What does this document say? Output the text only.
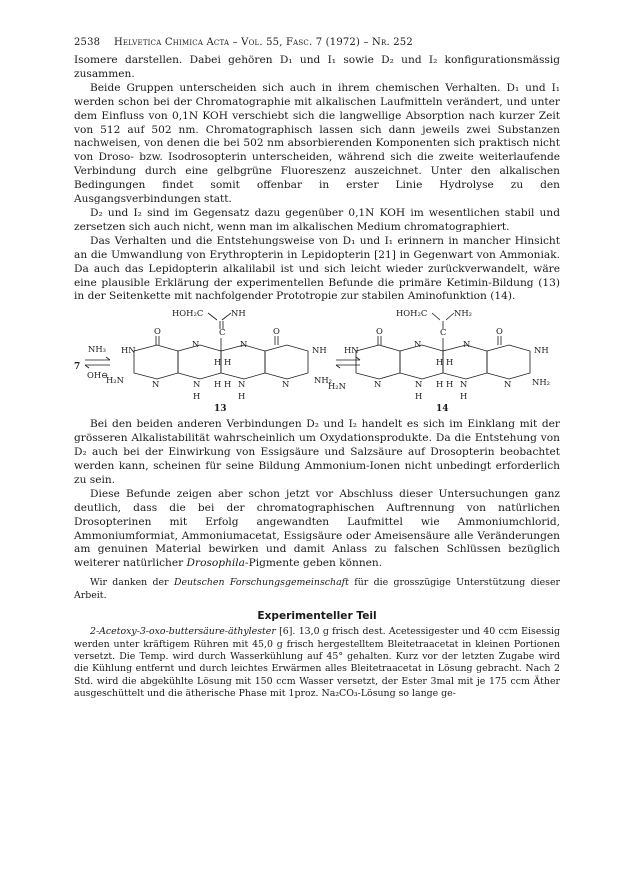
2538	Helvetica Chimica Acta – Vol. 55, Fasc. 7 (1972) – Nr. 252

Isomere darstellen. Dabei gehören D₁ und I₁ sowie D₂ und I₂ konfigurationsmässig zusammen.

Beide Gruppen unterscheiden sich auch in ihrem chemischen Verhalten. D₁ und I₁ werden schon bei der Chromatographie mit alkalischen Laufmitteln verändert, und unter dem Einfluss von 0,1N KOH verschiebt sich die langwellige Absorption nach kurzer Zeit von 512 auf 502 nm. Chromatographisch lassen sich dann jeweils zwei Substanzen nachweisen, von denen die bei 502 nm absorbierenden Komponenten sich praktisch nicht von Droso- bzw. Isodrosopterin unterscheiden, während sich die zweite weiterlaufende Verbindung durch eine gelbgrüne Fluoreszenz auszeichnet. Unter den alkalischen Bedingungen findet somit offenbar in erster Linie Hydrolyse zu den Ausgangsverbindungen statt.

D₂ und I₂ sind im Gegensatz dazu gegenüber 0,1N KOH im wesentlichen stabil und zersetzen sich auch nicht, wenn man im alkalischen Medium chromatographiert.

Das Verhalten und die Entstehungsweise von D₁ und I₁ erinnern in mancher Hinsicht an die Umwandlung von Erythropterin in Lepidopterin [21] in Gegenwart von Ammoniak. Da auch das Lepidopterin alkalilabil ist und sich leicht wieder zurückverwandelt, wäre eine plausible Erklärung der experimentellen Befunde die primäre Ketimin-Bildung (13) in der Seitenkette mit nachfolgender Prototropie zur stabilen Aminofunktion (14).

7
NH₃
OH⊖
HOH₂C	NH
C
O	O
HN
N	N
NH
H H
H₂N	N	N H H N	N	NH₂
H	H
13
HOH₂C	NH₂
C
O	O
HN
N	N
NH
H H
H₂N	N	N H H N	N NH₂
H	H
14

Bei den beiden anderen Verbindungen D₂ und I₂ handelt es sich im Einklang mit der grösseren Alkalistabilität wahrscheinlich um Oxydationsprodukte. Da die Entstehung von D₂ auch bei der Einwirkung von Essigsäure und Salzsäure auf Drosopterin beobachtet werden kann, scheinen für seine Bildung Ammonium-Ionen nicht unbedingt erforderlich zu sein.

Diese Befunde zeigen aber schon jetzt vor Abschluss dieser Untersuchungen ganz deutlich, dass die bei der chromatographischen Auftrennung von natürlichen Drosopterinen mit Erfolg angewandten Laufmittel wie Ammoniumchlorid, Ammoniumformiat, Ammoniumacetat, Essigsäure oder Ameisensäure alle Veränderungen am genuinen Material bewirken und damit Anlass zu falschen Schlüssen bezüglich weiterer natürlicher Drosophila-Pigmente geben können.

Wir danken der Deutschen Forschungsgemeinschaft für die grosszügige Unterstützung dieser Arbeit.
Experimenteller Teil
2-Acetoxy-3-oxo-buttersäure-äthylester [6]. 13,0 g frisch dest. Acetessigester und 40 ccm Eisessig werden unter kräftigem Rühren mit 45,0 g frisch hergestelltem Bleitetraacetat in kleinen Portionen versetzt. Die Temp. wird durch Wasserkühlung auf 45° gehalten. Kurz vor der letzten Zugabe wird die Kühlung entfernt und durch leichtes Erwärmen alles Bleitetraacetat in Lösung gebracht. Nach 2 Std. wird die abgekühlte Lösung mit 150 ccm Wasser versetzt, der Ester 3mal mit je 175 ccm Äther ausgeschüttelt und die ätherische Phase mit 1proz. Na₂CO₃-Lösung so lange ge-
